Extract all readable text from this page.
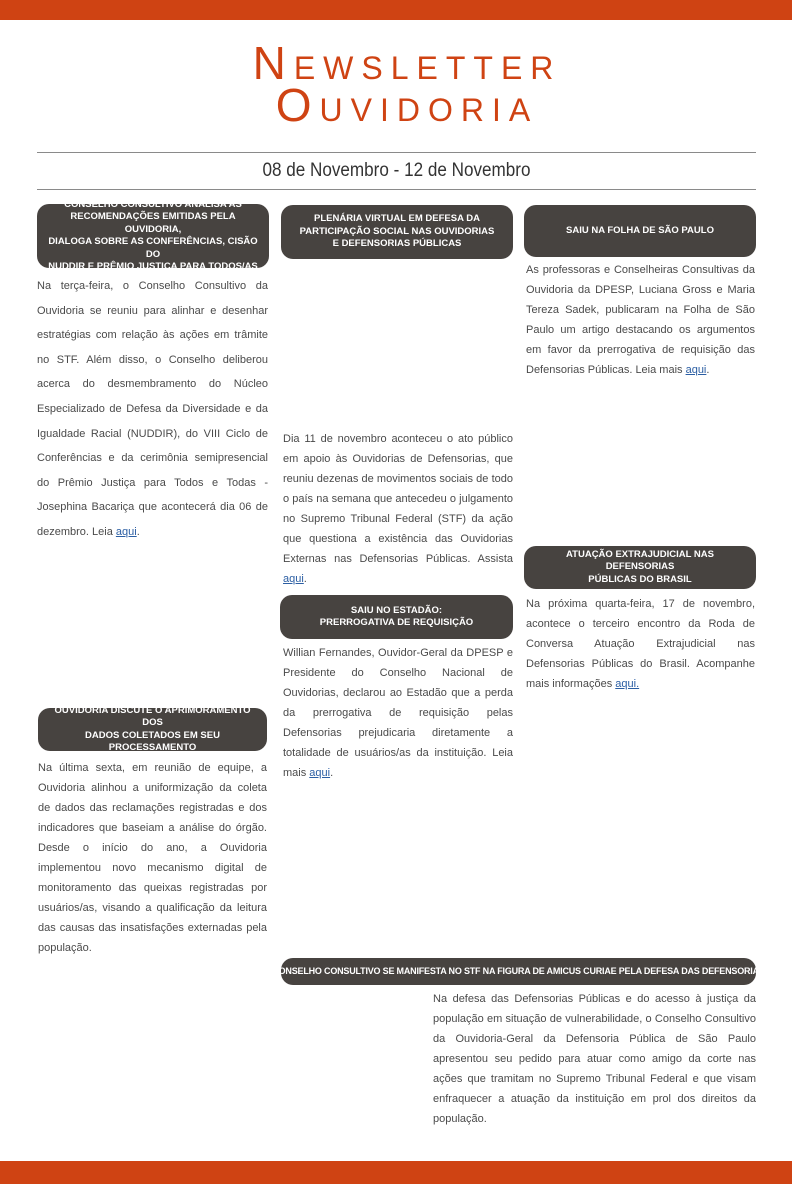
Newsletter
Ouvidoria
08 de Novembro - 12 de Novembro
CONSELHO CONSULTIVO ANALISA AS
RECOMENDAÇÕES EMITIDAS PELA OUVIDORIA,
DIALOGA SOBRE AS CONFERÊNCIAS, CISÃO DO
NUDDIR E PRÊMIO JUSTIÇA PARA TODOS/AS
Na terça-feira, o Conselho Consultivo da Ouvidoria se reuniu para alinhar e desenhar estratégias com relação às ações em trâmite no STF. Além disso, o Conselho deliberou acerca do desmembramento do Núcleo Especializado de Defesa da Diversidade e da Igualdade Racial (NUDDIR), do VIII Ciclo de Conferências e da cerimônia semipresencial do Prêmio Justiça para Todos e Todas - Josephina Bacariça que acontecerá dia 06 de dezembro. Leia aqui.
PLENÁRIA VIRTUAL EM DEFESA DA
PARTICIPAÇÃO SOCIAL NAS OUVIDORIAS
E DEFENSORIAS PÚBLICAS
Dia 11 de novembro aconteceu o ato público em apoio às Ouvidorias de Defensorias, que reuniu dezenas de movimentos sociais de todo o país na semana que antecedeu o julgamento no Supremo Tribunal Federal (STF) da ação que questiona a existência das Ouvidorias Externas nas Defensorias Públicas. Assista aqui.
SAIU NA FOLHA DE SÃO PAULO
As professoras e Conselheiras Consultivas da Ouvidoria da DPESP, Luciana Gross e Maria Tereza Sadek, publicaram na Folha de São Paulo um artigo destacando os argumentos em favor da prerrogativa de requisição das Defensorias Públicas. Leia mais aqui.
SAIU NO ESTADÃO:
PRERROGATIVA DE REQUISIÇÃO
Willian Fernandes, Ouvidor-Geral da DPESP e Presidente do Conselho Nacional de Ouvidorias, declarou ao Estadão que a perda da prerrogativa de requisição pelas Defensorias prejudicaria diretamente a totalidade de usuários/as da instituição. Leia mais aqui.
ATUAÇÃO EXTRAJUDICIAL NAS DEFENSORIAS
PÚBLICAS DO BRASIL
Na próxima quarta-feira, 17 de novembro, acontece o terceiro encontro da Roda de Conversa Atuação Extrajudicial nas Defensorias Públicas do Brasil. Acompanhe mais informações aqui.
OUVIDORIA DISCUTE O APRIMORAMENTO DOS
DADOS COLETADOS EM SEU PROCESSAMENTO
Na última sexta, em reunião de equipe, a Ouvidoria alinhou a uniformização da coleta de dados das reclamações registradas e dos indicadores que baseiam a análise do órgão. Desde o início do ano, a Ouvidoria implementou novo mecanismo digital de monitoramento das queixas registradas por usuários/as, visando a qualificação da leitura das causas das insatisfações externadas pela população.
CONSELHO CONSULTIVO SE MANIFESTA NO STF NA FIGURA DE AMICUS CURIAE PELA DEFESA DAS DEFENSORIAS
Na defesa das Defensorias Públicas e do acesso à justiça da população em situação de vulnerabilidade, o Conselho Consultivo da Ouvidoria-Geral da Defensoria Pública de São Paulo apresentou seu pedido para atuar como amigo da corte nas ações que tramitam no Supremo Tribunal Federal e que visam enfraquecer a atuação da instituição em prol dos direitos da população.
